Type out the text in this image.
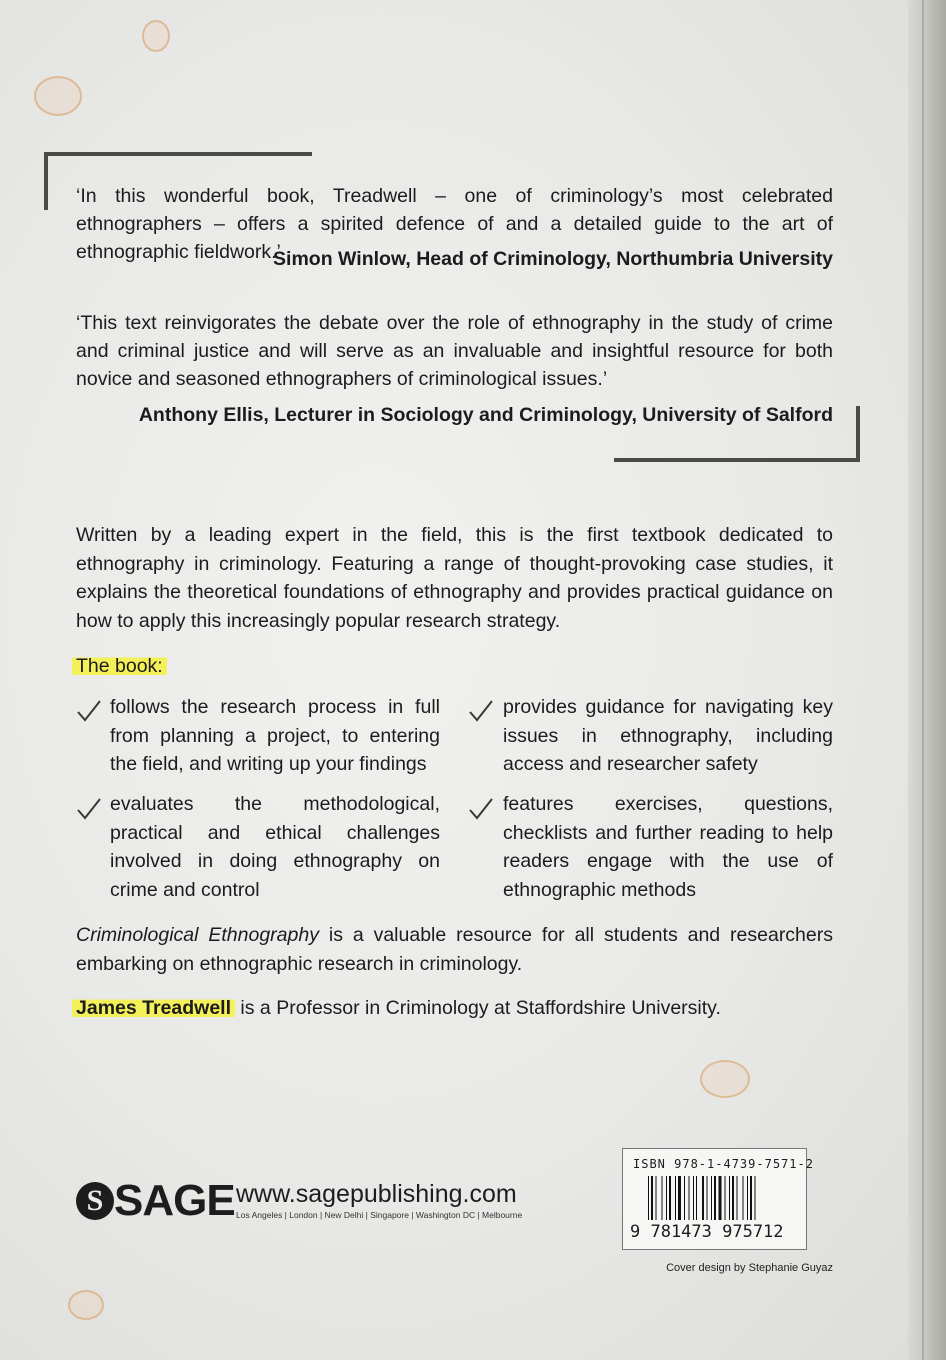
‘In this wonderful book, Treadwell – one of criminology’s most celebrated ethnographers – offers a spirited defence of and a detailed guide to the art of ethnographic fieldwork.’

Simon Winlow, Head of Criminology, Northumbria University

‘This text reinvigorates the debate over the role of ethnography in the study of crime and criminal justice and will serve as an invaluable and insightful resource for both novice and seasoned ethnographers of criminological issues.’

Anthony Ellis, Lecturer in Sociology and Criminology, University of Salford

Written by a leading expert in the field, this is the first textbook dedicated to ethnography in criminology. Featuring a range of thought-provoking case studies, it explains the theoretical foundations of ethnography and provides practical guidance on how to apply this increasingly popular research strategy.

The book:

follows the research process in full from planning a project, to entering the field, and writing up your findings

evaluates the methodological, practical and ethical challenges involved in doing ethnography on crime and control

provides guidance for navigating key issues in ethnography, including access and researcher safety

features exercises, questions, checklists and further reading to help readers engage with the use of ethnographic methods

Criminological Ethnography is a valuable resource for all students and researchers embarking on ethnographic research in criminology.

James Treadwell is a Professor in Criminology at Staffordshire University.

S SAGE www.sagepublishing.com
Los Angeles | London | New Delhi | Singapore | Washington DC | Melbourne
ISBN 978-1-4739-7571-2
9 781473 975712
Cover design by Stephanie Guyaz
